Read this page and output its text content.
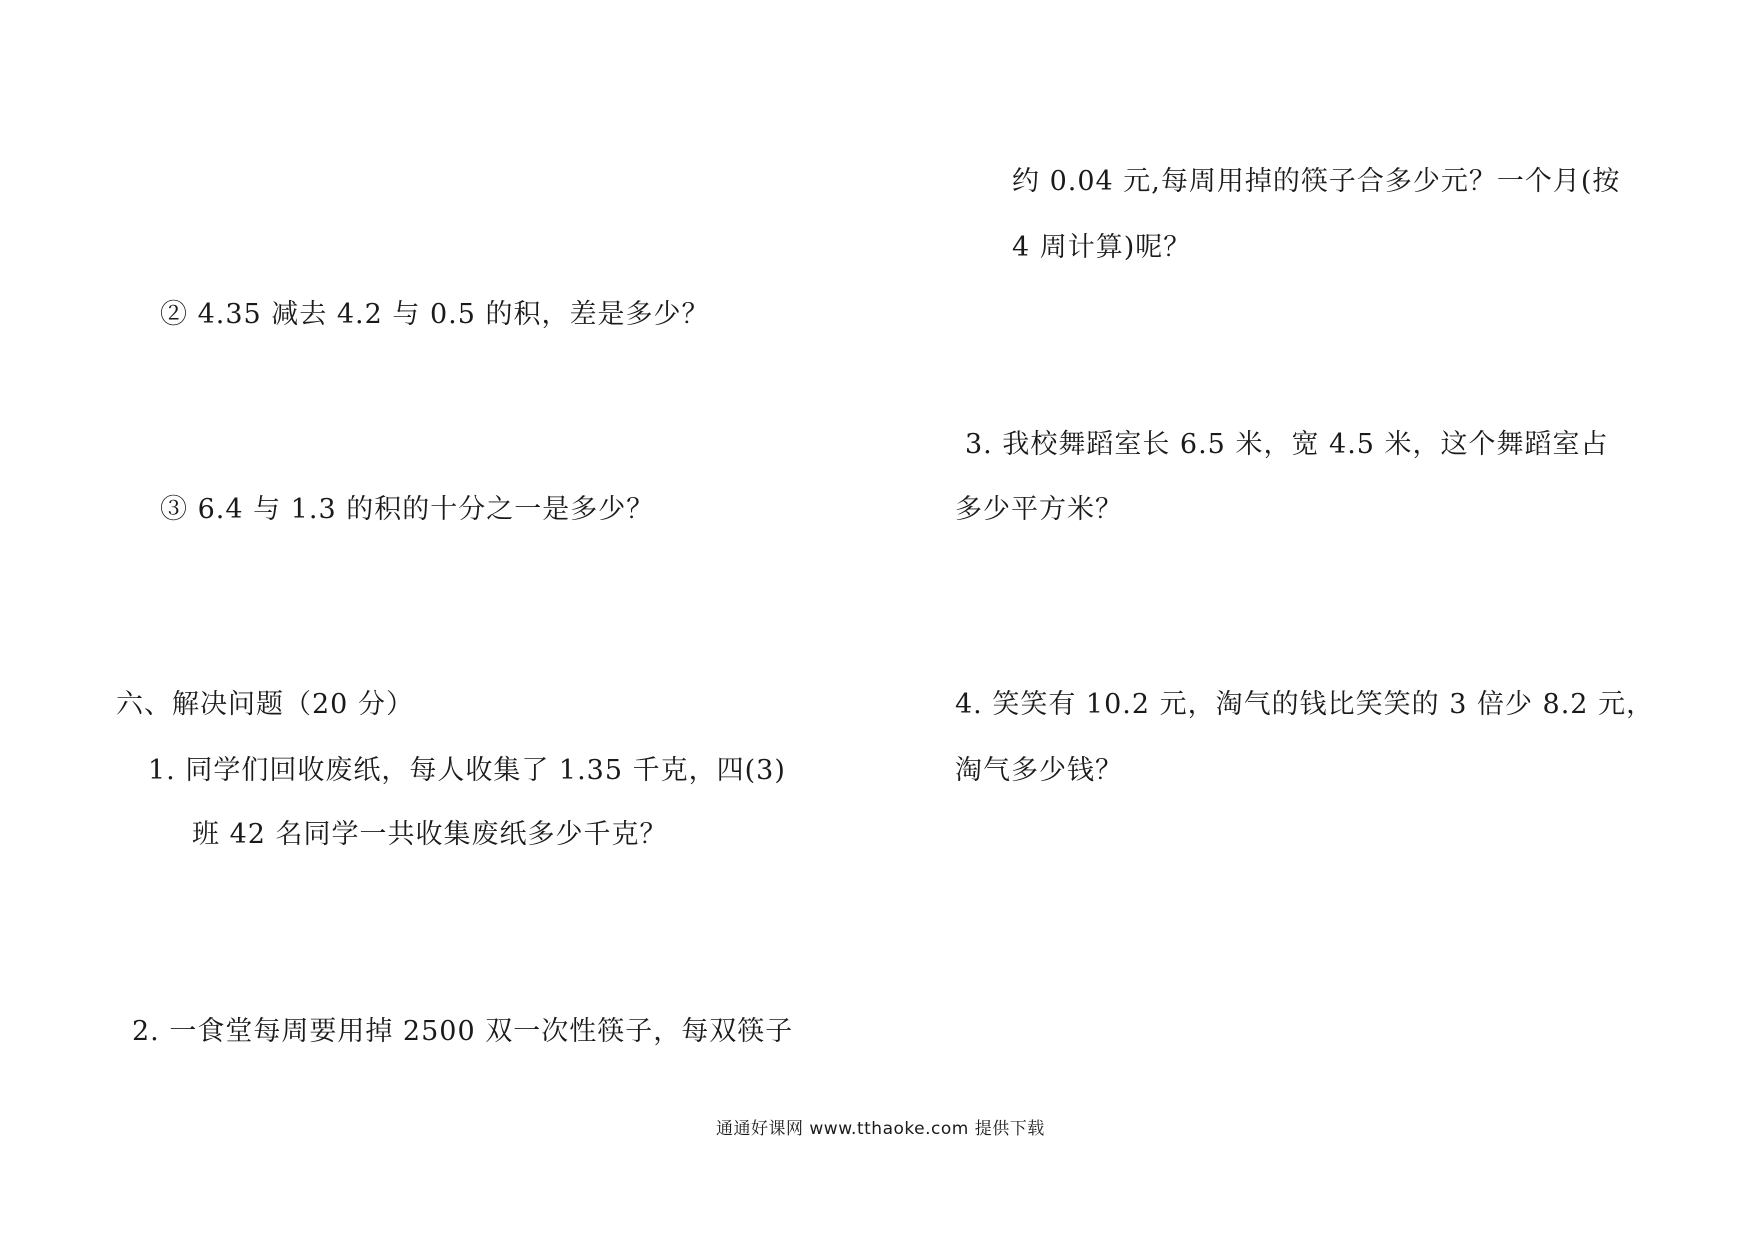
② 4.35 减去 4.2 与 0.5 的积，差是多少？
③ 6.4 与 1.3 的积的十分之一是多少？
六、解决问题（20 分）
1. 同学们回收废纸，每人收集了 1.35 千克，四(3)
班 42 名同学一共收集废纸多少千克？
2. 一食堂每周要用掉 2500 双一次性筷子，每双筷子
约 0.04 元,每周用掉的筷子合多少元？一个月(按
4 周计算)呢？
3. 我校舞蹈室长 6.5 米，宽 4.5 米，这个舞蹈室占
多少平方米？
4. 笑笑有 10.2 元，淘气的钱比笑笑的 3 倍少 8.2 元，
淘气多少钱？
通通好课网 www.tthaoke.com 提供下载
